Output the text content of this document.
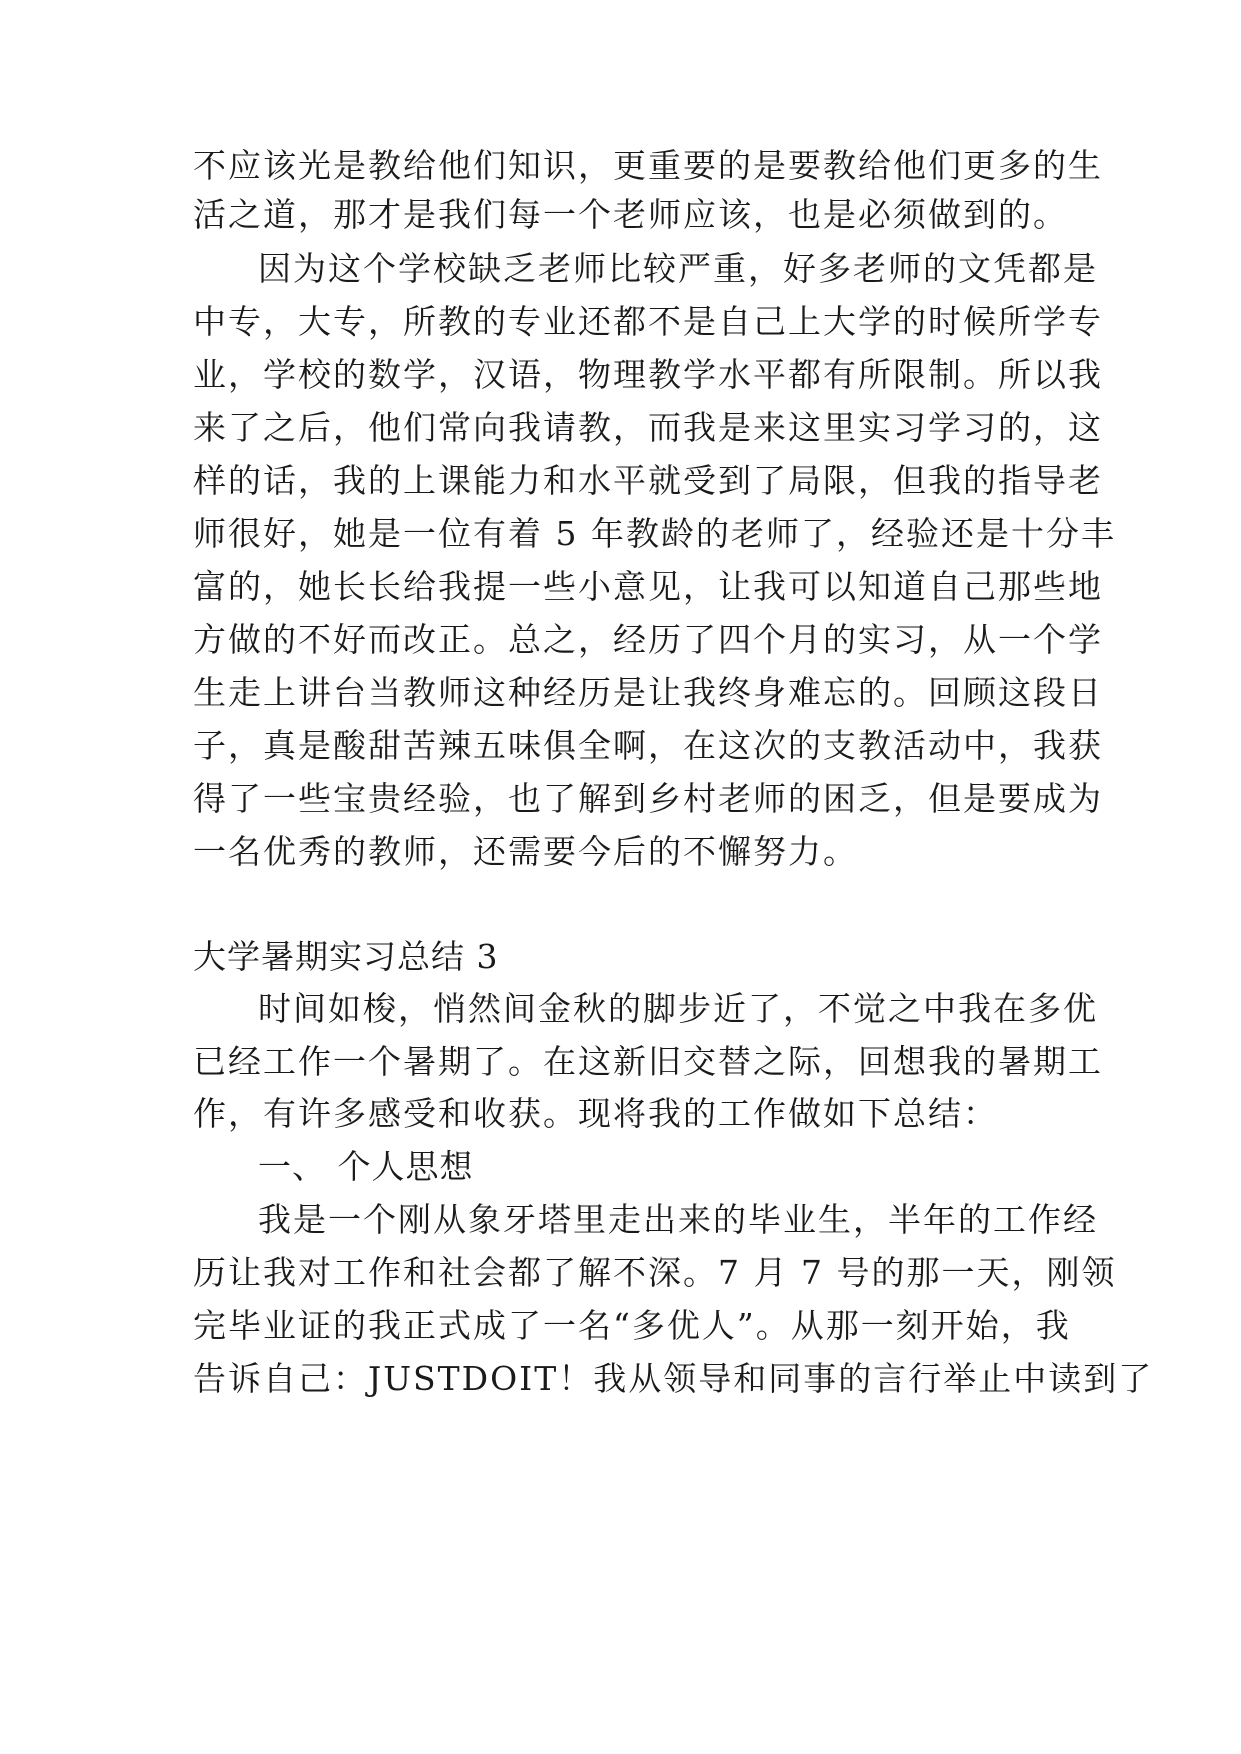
不应该光是教给他们知识，更重要的是要教给他们更多的生
活之道，那才是我们每一个老师应该，也是必须做到的。
因为这个学校缺乏老师比较严重，好多老师的文凭都是
中专，大专，所教的专业还都不是自己上大学的时候所学专
业，学校的数学，汉语，物理教学水平都有所限制。所以我
来了之后，他们常向我请教，而我是来这里实习学习的，这
样的话，我的上课能力和水平就受到了局限，但我的指导老
师很好，她是一位有着 5 年教龄的老师了，经验还是十分丰
富的，她长长给我提一些小意见，让我可以知道自己那些地
方做的不好而改正。总之，经历了四个月的实习，从一个学
生走上讲台当教师这种经历是让我终身难忘的。回顾这段日
子，真是酸甜苦辣五味俱全啊，在这次的支教活动中，我获
得了一些宝贵经验，也了解到乡村老师的困乏，但是要成为
一名优秀的教师，还需要今后的不懈努力。
大学暑期实习总结 3
时间如梭，悄然间金秋的脚步近了，不觉之中我在多优
已经工作一个暑期了。在这新旧交替之际，回想我的暑期工
作，有许多感受和收获。现将我的工作做如下总结：
一、 个人思想
我是一个刚从象牙塔里走出来的毕业生，半年的工作经
历让我对工作和社会都了解不深。7 月 7 号的那一天，刚领
完毕业证的我正式成了一名“多优人”。从那一刻开始，我
告诉自己：JUSTDOIT！我从领导和同事的言行举止中读到了
